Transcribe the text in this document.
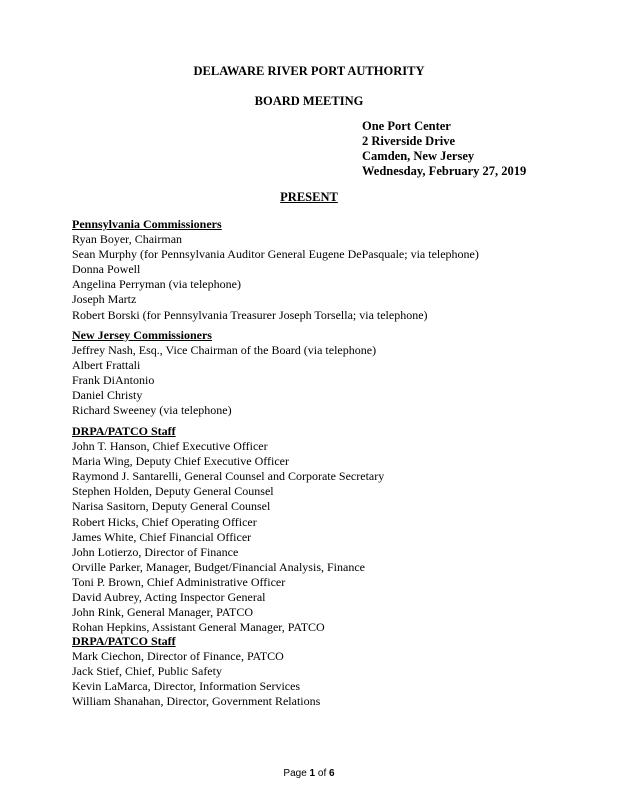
DELAWARE RIVER PORT AUTHORITY
BOARD MEETING
One Port Center
2 Riverside Drive
Camden, New Jersey
Wednesday, February 27, 2019
PRESENT
Pennsylvania Commissioners
Ryan Boyer, Chairman
Sean Murphy (for Pennsylvania Auditor General Eugene DePasquale; via telephone)
Donna Powell
Angelina Perryman (via telephone)
Joseph Martz
Robert Borski (for Pennsylvania Treasurer Joseph Torsella; via telephone)
New Jersey Commissioners
Jeffrey Nash, Esq., Vice Chairman of the Board (via telephone)
Albert Frattali
Frank DiAntonio
Daniel Christy
Richard Sweeney (via telephone)
DRPA/PATCO Staff
John T. Hanson, Chief Executive Officer
Maria Wing, Deputy Chief Executive Officer
Raymond J. Santarelli, General Counsel and Corporate Secretary
Stephen Holden, Deputy General Counsel
Narisa Sasitorn, Deputy General Counsel
Robert Hicks, Chief Operating Officer
James White, Chief Financial Officer
John Lotierzo, Director of Finance
Orville Parker, Manager, Budget/Financial Analysis, Finance
Toni P. Brown, Chief Administrative Officer
David Aubrey, Acting Inspector General
John Rink, General Manager, PATCO
Rohan Hepkins, Assistant General Manager, PATCO
DRPA/PATCO Staff
Mark Ciechon, Director of Finance, PATCO
Jack Stief, Chief, Public Safety
Kevin LaMarca, Director, Information Services
William Shanahan, Director, Government Relations
Page 1 of 6
